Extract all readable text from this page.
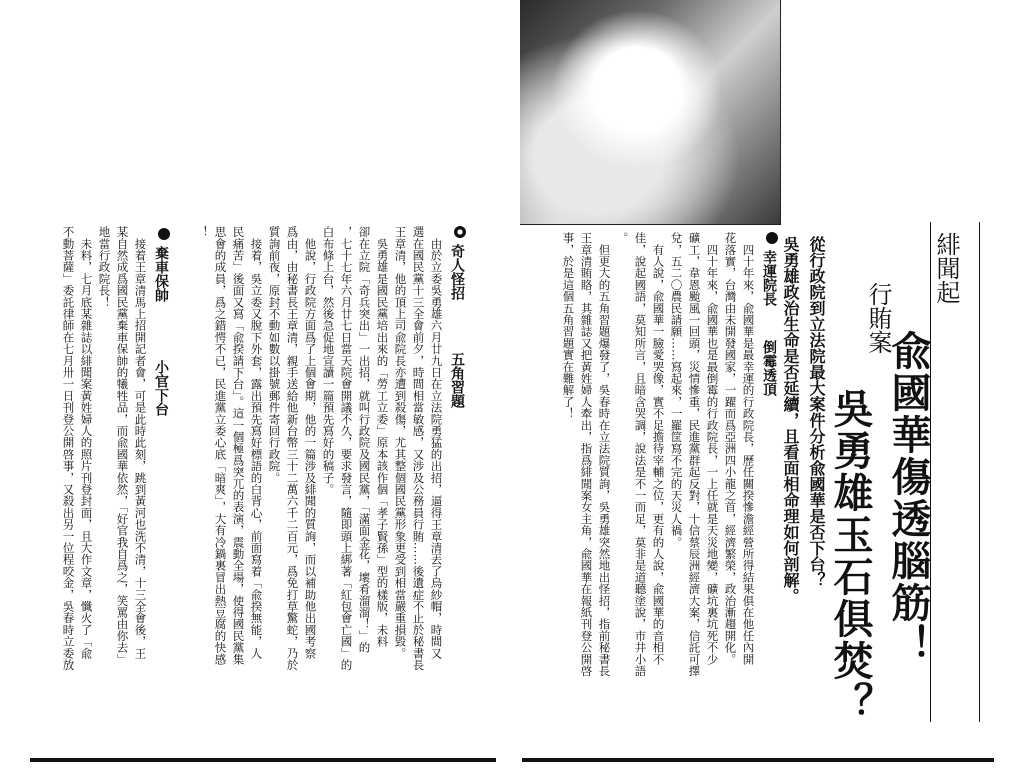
緋聞起
兪國華傷透腦筋！
行賄案
吳勇雄玉石俱焚？
從行政院到立法院最大案件分析兪國華是否下台？
吳勇雄政治生命是否延續，且看面相命理如何剖解。
幸運院長
倒霉透頂
　四十年來，兪國華是最幸運的行政院長，歷任關揆慘澹經營所得結果俱在他任內開
花落實，台灣由未開發國家，一躍而爲亞洲四小龍之首，經濟繁榮，政治漸趨開化。
　四十年來，兪國華也是最倒霉的行政院長，一上任就是天災地變，礦坑裏坑死不少
礦工，韋恩颱風一回頭，災情慘重，民進黨群起反對，十信蔡辰洲經濟大案，信託可擇
兌，五二〇農民請願……寫起來，一羅筐寫不完的天災人禍。
　有人說，兪國華一臉愛哭像，實不足擔待宰輔之位，更有的人說，兪國華的音相不
佳，說起國語，莫知所言，且暗含哭調，說法是不一而足，莫非是道聽塗說，市井小語
。
　但更大的五角習題爆發了，吳春時在立法院質詢，吳勇雄突然地出怪招，指前秘書長
王章清賄賂，其雜誌又把黃姓婦人牽出，指爲緋聞案女主角，兪國華在報紙刊登公開啓
事，於是這個五角習題實在難解了！
奇人怪招
五角習題
　由於立委吳勇雄六月廿九日在立法院勇猛的出招，逼得王章清丟了烏紗帽，時間又
選在國民黨十三全會前夕，時間相當敏感，又涉及公務員行賄……後遺症不止於秘書長
王章清，他的頂上司兪院長亦遭到殺傷，尤其整個國民黨形象更受到相當嚴重損毀。
　吳勇雄是國民黨培出來的「勞工立委」原本該作個「孝子賢孫」型的樣版，未料
卻在立院「奇兵突出」一出招，就叫行政院及國民黨，「滿面金花，壞肴溜溜！」的
，七十七年六月廿七日當天院會開議不久，要求發言，隨即頭上綁著「紅包會亡國」的
白布條上台，然後急促地宣讀一篇預先寫好的稿子。
　他說，行政院方面爲了上個會期，他的一篇涉及緋聞的質詢，而以補助他出國考察
爲由，由秘書長王章清，親手送給他新台幣三十二萬六千二百元，爲免打草驚蛇，乃於
質詢前夜，原封不動如數以掛號郵件寄回行政院。
　接着，吳立委又脫下外套，露出預先寫好標語的白背心，前面寫着「兪揆無能，人
民痛苦」後面又寫「兪揆請下台」。這一個極爲突兀的表演，震動全場，使得國民黨集
思會的成員，爲之錯愕不已，民進黨立委心底「暗爽」，大有冷鍋裏冒出熱豆腐的快感
！
棄車保帥
小官下台
　接着王章清馬上招開記者會，可是此時此刻，跳到黃河也洗不清，十三全會後，王
某自然成爲國民黨棄車保帥的犧牲品，而兪國華依然，「好官我自爲之，笑罵由你去」
地當行政院長！
　未料，七月底某雜誌以緋聞案黃姓婦人的照片刊登封面，且大作文章，懺火了「兪
不動菩薩」委託律師在七月卅一日刊登公開啓事，又殺出另一位程咬金，吳春時立委放
